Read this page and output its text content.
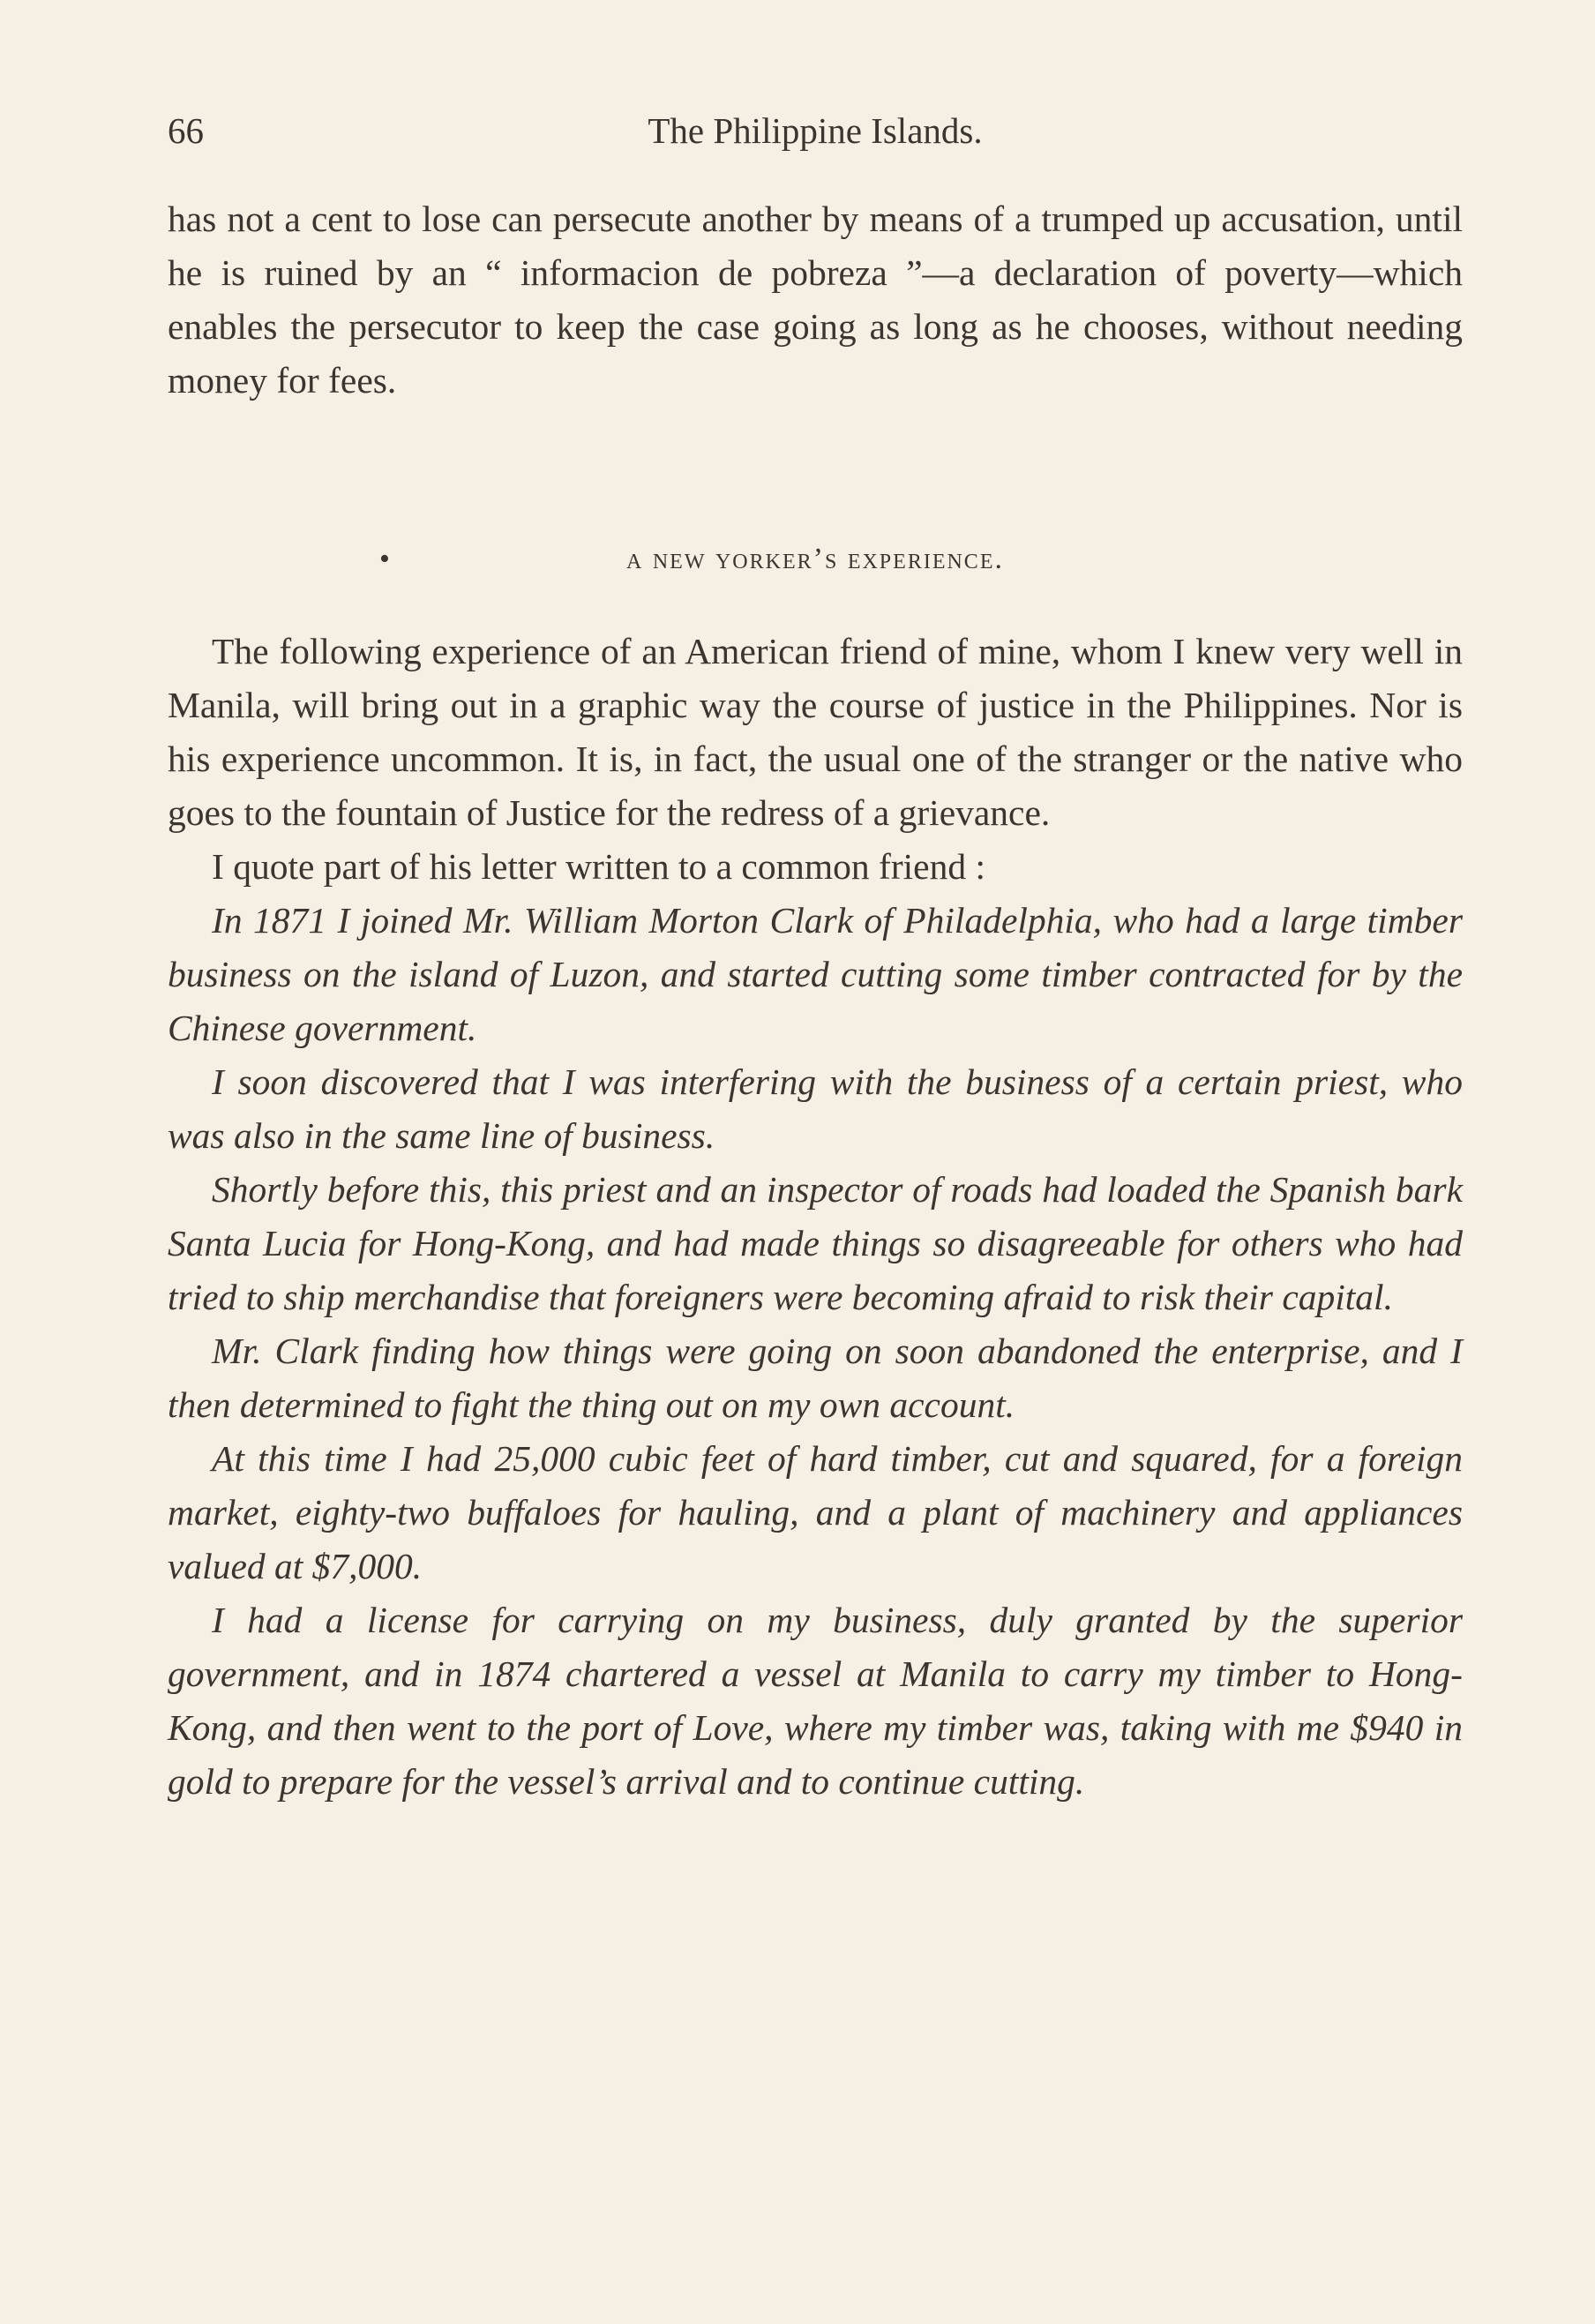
66	The Philippine Islands.

has not a cent to lose can persecute another by means of a trumped up accusation, until he is ruined by an “ informacion de pobreza ”—a declaration of poverty—which enables the persecutor to keep the case going as long as he chooses, without needing money for fees.

•	a new yorker’s experience.

The following experience of an American friend of mine, whom I knew very well in Manila, will bring out in a graphic way the course of justice in the Philippines. Nor is his experience uncommon. It is, in fact, the usual one of the stranger or the native who goes to the fountain of Justice for the redress of a grievance.

I quote part of his letter written to a common friend :

In 1871 I joined Mr. William Morton Clark of Philadelphia, who had a large timber business on the island of Luzon, and started cutting some timber contracted for by the Chinese government.

I soon discovered that I was interfering with the business of a certain priest, who was also in the same line of business.

Shortly before this, this priest and an inspector of roads had loaded the Spanish bark Santa Lucia for Hong-Kong, and had made things so disagreeable for others who had tried to ship merchandise that foreigners were becoming afraid to risk their capital.

Mr. Clark finding how things were going on soon abandoned the enterprise, and I then determined to fight the thing out on my own account.

At this time I had 25,000 cubic feet of hard timber, cut and squared, for a foreign market, eighty-two buffaloes for hauling, and a plant of machinery and appliances valued at $7,000.

I had a license for carrying on my business, duly granted by the superior government, and in 1874 chartered a vessel at Manila to carry my timber to Hong-Kong, and then went to the port of Love, where my timber was, taking with me $940 in gold to prepare for the vessel’s arrival and to continue cutting.
